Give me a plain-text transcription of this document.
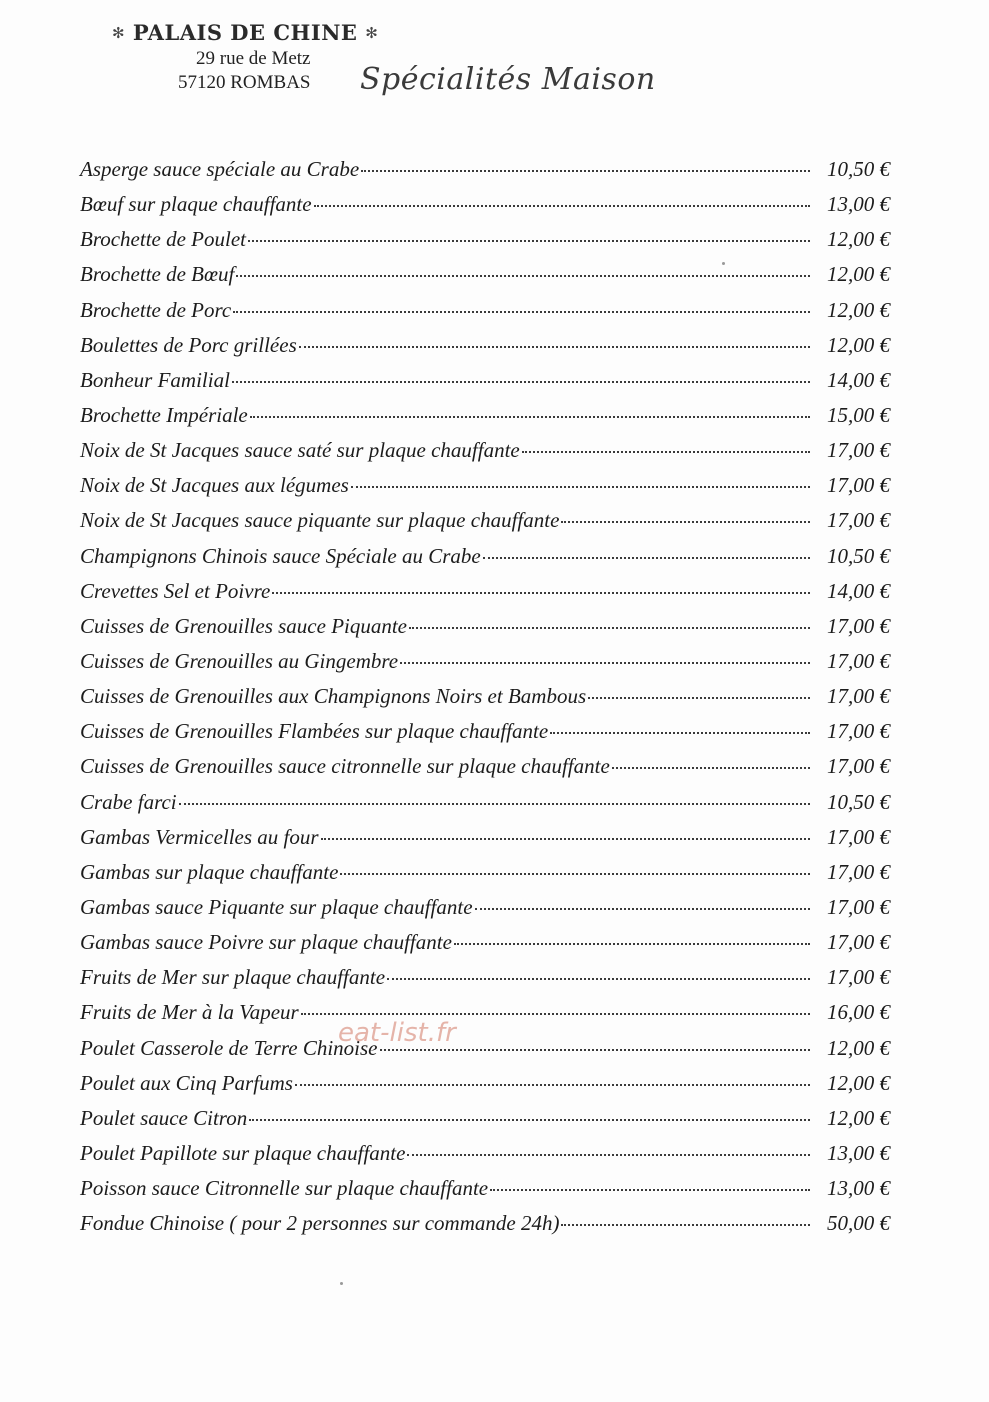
✻ PALAIS DE CHINE ✻
29 rue de Metz
57120 ROMBAS Spécialités Maison
Asperge sauce spéciale au Crabe	10,50 €
Bœuf sur plaque chauffante	13,00 €
Brochette de Poulet	12,00 €
Brochette de Bœuf	12,00 €
Brochette de Porc	12,00 €
Boulettes de Porc grillées	12,00 €
Bonheur Familial	14,00 €
Brochette Impériale	15,00 €
Noix de St Jacques sauce saté sur plaque chauffante	17,00 €
Noix de St Jacques aux légumes	17,00 €
Noix de St Jacques sauce piquante sur plaque chauffante	17,00 €
Champignons Chinois sauce Spéciale au Crabe	10,50 €
Crevettes Sel et Poivre	14,00 €
Cuisses de Grenouilles sauce Piquante	17,00 €
Cuisses de Grenouilles au Gingembre	17,00 €
Cuisses de Grenouilles aux Champignons Noirs et Bambous	17,00 €
Cuisses de Grenouilles Flambées sur plaque chauffante	17,00 €
Cuisses de Grenouilles sauce citronnelle sur plaque chauffante	17,00 €
Crabe farci	10,50 €
Gambas Vermicelles au four	17,00 €
Gambas sur plaque chauffante	17,00 €
Gambas sauce Piquante sur plaque chauffante	17,00 €
Gambas sauce Poivre sur plaque chauffante	17,00 €
Fruits de Mer sur plaque chauffante	17,00 €
Fruits de Mer à la Vapeur	16,00 €
Poulet Casserole de Terre Chinoise	12,00 €
Poulet aux Cinq Parfums	12,00 €
Poulet sauce Citron	12,00 €
Poulet Papillote sur plaque chauffante	13,00 €
Poisson sauce Citronnelle sur plaque chauffante	13,00 €
Fondue Chinoise ( pour 2 personnes sur commande 24h)	50,00 €
eat-list.fr
